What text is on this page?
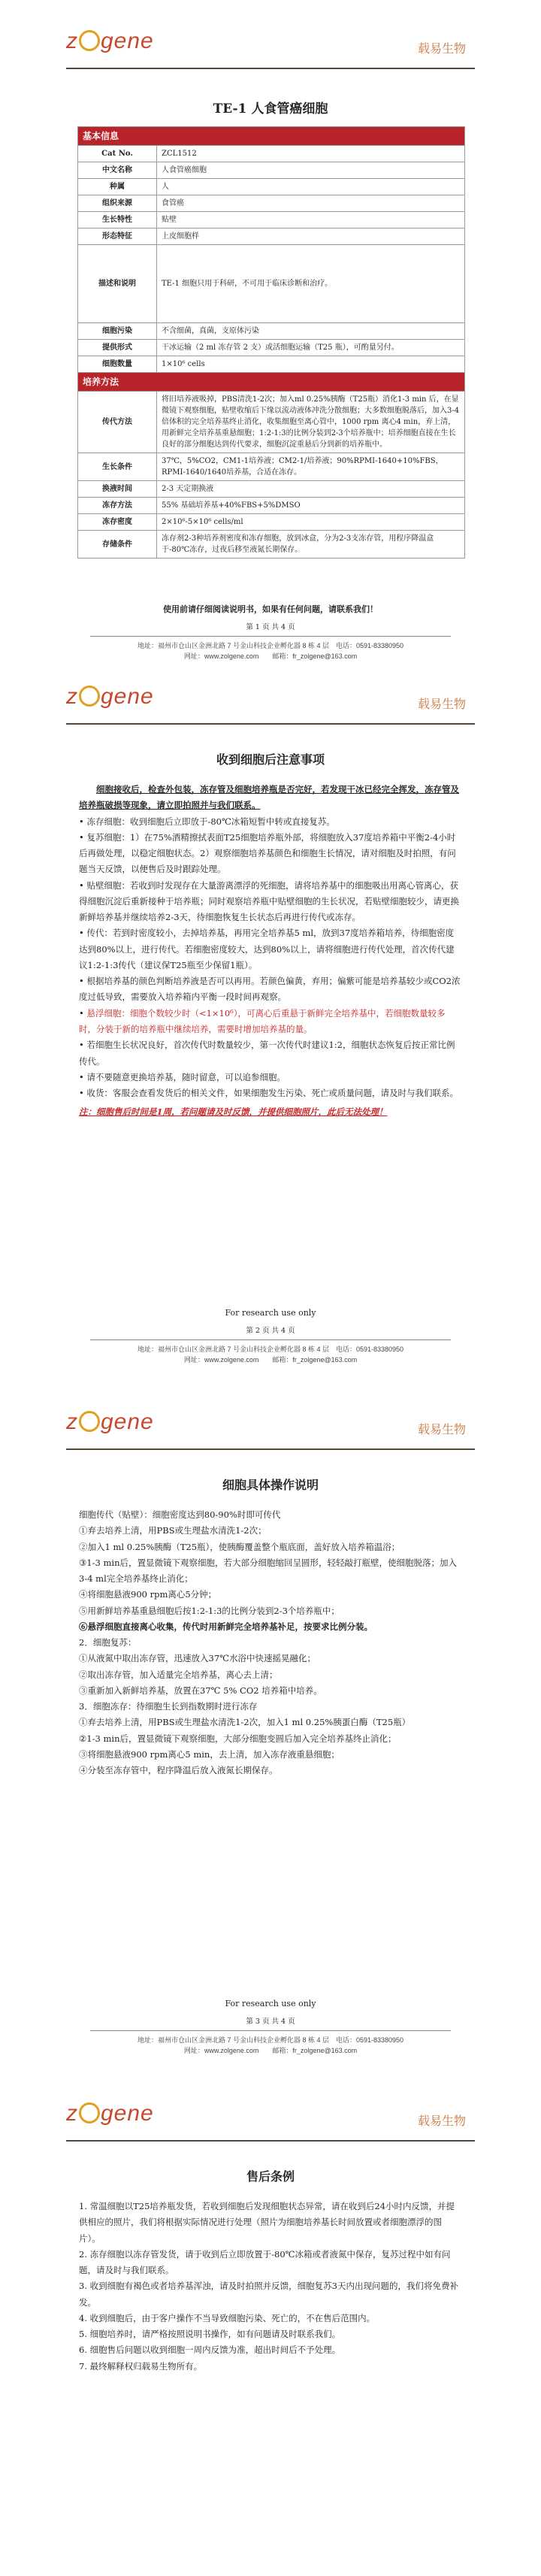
z gene	载易生物
TE-1 人食管癌细胞
基本信息	
Cat No.	ZCL1512
中文名称	人食管癌细胞
种属	人
组织来源	食管癌
生长特性	贴壁
形态特征	上皮细胞样
描述和说明	TE-1 细胞只用于科研，不可用于临床诊断和治疗。
细胞污染	不含细菌，真菌，支原体污染
提供形式	干冰运输（2 ml 冻存管 2 支）或活细胞运输（T25 瓶），可酌量另付。
细胞数量	1×10⁶ cells
培养方法	
传代方法	将旧培养液吸掉，PBS清洗1-2次；加入ml 0.25%胰酶（T25瓶）消化1-3 min 后，在显微镜下观察细胞，贴壁收缩后下缘以流动液体冲洗分散细胞；大多数细胞脱落后，加入3-4倍体积的完全培养基终止消化，收集细胞至离心管中，1000 rpm 离心4 min，弃上清，用新鲜完全培养基重悬细胞；1:2-1:3的比例分装到2-3个培养瓶中；培养细胞直接在生长良好的部分细胞达到传代要求，细胞沉淀重悬后分到新的培养瓶中。
生长条件	37℃，5%CO2，CM1-1培养液；CM2-1/培养液；90%RPMI-1640+10%FBS，RPMI-1640/1640培养基，合适在冻存。
换液时间	2-3 天定期换液
冻存方法	55% 基础培养基+40%FBS+5%DMSO
冻存密度	2×10⁶-5×10⁶ cells/ml
存储条件	冻存剂2-3种培养剂密度和冻存细胞，放到冰盒，分为2-3支冻存管，用程序降温盒于-80℃冻存，过夜后移至液氮长期保存。
使用前请仔细阅读说明书，如果有任何问题，请联系我们！
第 1 页 共 4 页
地址：福州市仓山区金洲北路 7 号金山科技企业孵化器 8 栋 4 层　电话：0591-83380950
网址：www.zolgene.com　　邮箱：fr_zolgene@163.com
z gene	载易生物
收到细胞后注意事项

细胞接收后，检查外包装，冻存管及细胞培养瓶是否完好，若发现干冰已经完全挥发，冻存管及培养瓶破损等现象，请立即拍照并与我们联系。

• 冻存细胞：收到细胞后立即放于-80℃冰箱短暂中转或直接复苏。

• 复苏细胞：1）在75%酒精擦拭表面T25细胞培养瓶外部，将细胞放入37度培养箱中平衡2-4小时后再做处理，以稳定细胞状态。2）观察细胞培养基颜色和细胞生长情况，请对细胞及时拍照，有问题当天反馈，以便售后及时跟踪处理。

• 贴壁细胞：若收到时发现存在大量游离漂浮的死细胞，请将培养基中的细胞吸出用离心管离心，获得细胞沉淀后重新接种于培养瓶；同时观察培养瓶中贴壁细胞的生长状况，若贴壁细胞较少，请更换新鲜培养基并继续培养2-3天，待细胞恢复生长状态后再进行传代或冻存。

• 传代：若到时密度较小，去掉培养基，再用完全培养基5 ml，放到37度培养箱培养，待细胞密度达到80%以上，进行传代。若细胞密度较大，达到80%以上，请将细胞进行传代处理，首次传代建议1:2-1:3传代（建议保T25瓶至少保留1瓶）。

• 根据培养基的颜色判断培养液是否可以再用。若颜色偏黄，弃用；偏紫可能是培养基较少或CO2浓度过低导致，需要放入培养箱内平衡一段时间再观察。

• 悬浮细胞：细胞个数较少时（<1×10⁶），可离心后重悬于新鲜完全培养基中，若细胞数量较多时，分装于新的培养瓶中继续培养，需要时增加培养基的量。

• 若细胞生长状况良好，首次传代时数量较少，第一次传代时建议1:2，细胞状态恢复后按正常比例传代。

• 请不要随意更换培养基，随时留意，可以追参细胞。

• 收货：客服会查看发货后的相关文件，如果细胞发生污染、死亡或质量问题，请及时与我们联系。

注：细胞售后时间是1周，若问题请及时反馈，并提供细胞照片，此后无法处理！

For research use only
第 2 页 共 4 页
地址：福州市仓山区金洲北路 7 号金山科技企业孵化器 8 栋 4 层　电话：0591-83380950
网址：www.zolgene.com　　邮箱：fr_zolgene@163.com
z gene	载易生物
细胞具体操作说明

细胞传代（贴壁）：细胞密度达到80-90%时即可传代

①弃去培养上清，用PBS或生理盐水清洗1-2次；

②加入1 ml 0.25%胰酶（T25瓶），使胰酶覆盖整个瓶底面，盖好放入培养箱温浴；

③1-3 min后，置显微镜下观察细胞，若大部分细胞缩回呈圆形，轻轻敲打瓶壁，使细胞脱落；加入3-4 ml完全培养基终止消化；

④将细胞悬液900 rpm离心5分钟；

⑤用新鲜培养基重悬细胞后按1:2-1:3的比例分装到2-3个培养瓶中；

⑥悬浮细胞直接离心收集，传代时用新鲜完全培养基补足，按要求比例分装。

2．细胞复苏：

①从液氮中取出冻存管，迅速放入37℃水浴中快速摇晃融化；

②取出冻存管，加入适量完全培养基，离心去上清；

③重新加入新鲜培养基，放置在37℃ 5% CO2 培养箱中培养。

3．细胞冻存：待细胞生长到指数期时进行冻存

①弃去培养上清，用PBS或生理盐水清洗1-2次，加入1 ml 0.25%胰蛋白酶（T25瓶）

②1-3 min后，置显微镜下观察细胞，大部分细胞变圆后加入完全培养基终止消化；

③将细胞悬液900 rpm离心5 min，去上清，加入冻存液重悬细胞；

④分装至冻存管中，程序降温后放入液氮长期保存。

For research use only
第 3 页 共 4 页
地址：福州市仓山区金洲北路 7 号金山科技企业孵化器 8 栋 4 层　电话：0591-83380950
网址：www.zolgene.com　　邮箱：fr_zolgene@163.com
z gene	载易生物
售后条例

1. 常温细胞以T25培养瓶发货，若收到细胞后发现细胞状态异常，请在收到后24小时内反馈，并提供相应的照片，我们将根据实际情况进行处理（照片为细胞培养基长时间放置或者细胞漂浮的图片）。

2. 冻存细胞以冻存管发货，请于收到后立即放置于-80℃冰箱或者液氮中保存，复苏过程中如有问题，请及时与我们联系。

3. 收到细胞有褐色或者培养基浑浊，请及时拍照并反馈，细胞复苏3天内出现问题的，我们将免费补发。

4. 收到细胞后，由于客户操作不当导致细胞污染、死亡的，不在售后范围内。

5. 细胞培养时，请严格按照说明书操作，如有问题请及时联系我们。

6. 细胞售后问题以收到细胞一周内反馈为准，超出时间后不予处理。

7. 最终解释权归载易生物所有。
